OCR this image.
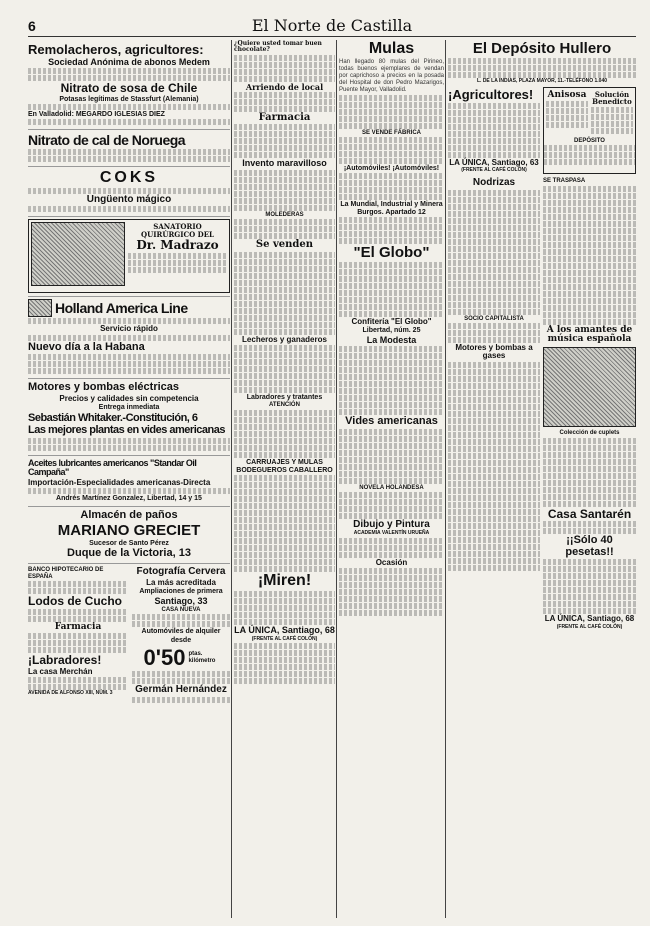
6	El Norte de Castilla
Remolacheros, agricultores:
Sociedad Anónima de abonos Medem
Nitrato de sosa de Chile
Potasas legítimas de Stassfurt (Alemania)
En Valladolid: MEGARDO IGLESIAS DIEZ
Nitrato de cal de Noruega
COKS
Ungüento mágico
SANATORIO QUIRÚRGICO DEL
Dr. Madrazo
Holland America Line
Servicio rápido
Nuevo día a la Habana
Motores y bombas eléctricas
Precios y calidades sin competencia
Entrega inmediata
Sebastián Whitaker.-Constitución, 6
Las mejores plantas en vides americanas
Aceites lubricantes americanos "Standar Oil Campaña"
Importación-Especialidades americanas-Directa
Andrés Martínez Gonzalez, Libertad, 14 y 15
Almacén de paños
MARIANO GRECIET
Sucesor de Santo Pérez
Duque de la Victoria, 13
BANCO HIPOTECARIO DE ESPAÑA
Lodos de Cucho
Farmacia
¡Labradores!
La casa Merchán
AVENIDA DE ALFONSO XIII, NÚM. 3
Fotografía Cervera
La más acreditada
Ampliaciones de primera
Santiago, 33
CASA NUEVA
Automóviles de alquiler
desde
0'50 ptas. kilómetro
Germán Hernández
¿Quiere usted tomar buen chocolate?
Arriendo de local
Farmacia
Invento maravilloso
MOLEDERAS
Se venden
Lecheros y ganaderos
Labradores y tratantes
ATENCIÓN
CARRUAJES Y MULAS
BODEGUEROS CABALLERO
¡Miren!
LA ÚNICA, Santiago, 68
(FRENTE AL CAFÉ COLÓN)
Mulas

Han llegado 80 mulas del Pirineo, todas buenos ejemplares de vendan por caprichoso a precios en la posada del Hospital de don Pedro Mazarigos, Puente Mayor, Valladolid.

SE VENDE FÁBRICA
¡Automóviles! ¡Automóviles!
La Mundial, Industrial y Minera Burgos. Apartado 12
"El Globo"
Confitería "El Globo"
Libertad, núm. 25
La Modesta
Vides americanas
NOVELA HOLANDESA
Dibujo y Pintura
ACADEMIA VALENTÍN URUEÑA
Ocasión
El Depósito Hullero
L. DE LA INDIAS, PLAZA MAYOR, 11.-TELÉFONO 1.040
¡Agricultores!
LA ÚNICA, Santiago, 63
(FRENTE AL CAFÉ COLÓN)
Anisosa	Solución Benedicto
DEPÓSITO
Nodrizas
SOCIO CAPITALISTA
Motores y bombas a gases
SE TRASPASA
A los amantes de música española
Colección de cuplets
Casa Santarén
¡¡Sólo 40 pesetas!!
LA ÚNICA, Santiago, 68
(FRENTE AL CAFÉ COLÓN)
